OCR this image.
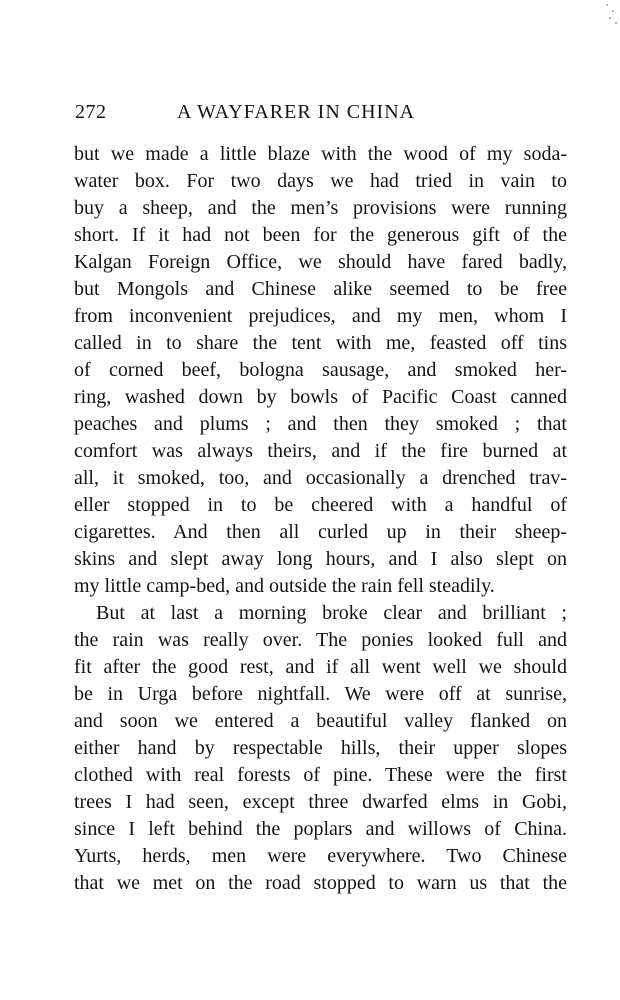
272	A WAYFARER IN CHINA
but we made a little blaze with the wood of my soda-
water box. For two days we had tried in vain to
buy a sheep, and the men’s provisions were running
short. If it had not been for the generous gift of the
Kalgan Foreign Office, we should have fared badly,
but Mongols and Chinese alike seemed to be free
from inconvenient prejudices, and my men, whom I
called in to share the tent with me, feasted off tins
of corned beef, bologna sausage, and smoked her-
ring, washed down by bowls of Pacific Coast canned
peaches and plums ; and then they smoked ; that
comfort was always theirs, and if the fire burned at
all, it smoked, too, and occasionally a drenched trav-
eller stopped in to be cheered with a handful of
cigarettes. And then all curled up in their sheep-
skins and slept away long hours, and I also slept on
my little camp-bed, and outside the rain fell steadily.
But at last a morning broke clear and brilliant ;
the rain was really over. The ponies looked full and
fit after the good rest, and if all went well we should
be in Urga before nightfall. We were off at sunrise,
and soon we entered a beautiful valley flanked on
either hand by respectable hills, their upper slopes
clothed with real forests of pine. These were the first
trees I had seen, except three dwarfed elms in Gobi,
since I left behind the poplars and willows of China.
Yurts, herds, men were everywhere. Two Chinese
that we met on the road stopped to warn us that the
